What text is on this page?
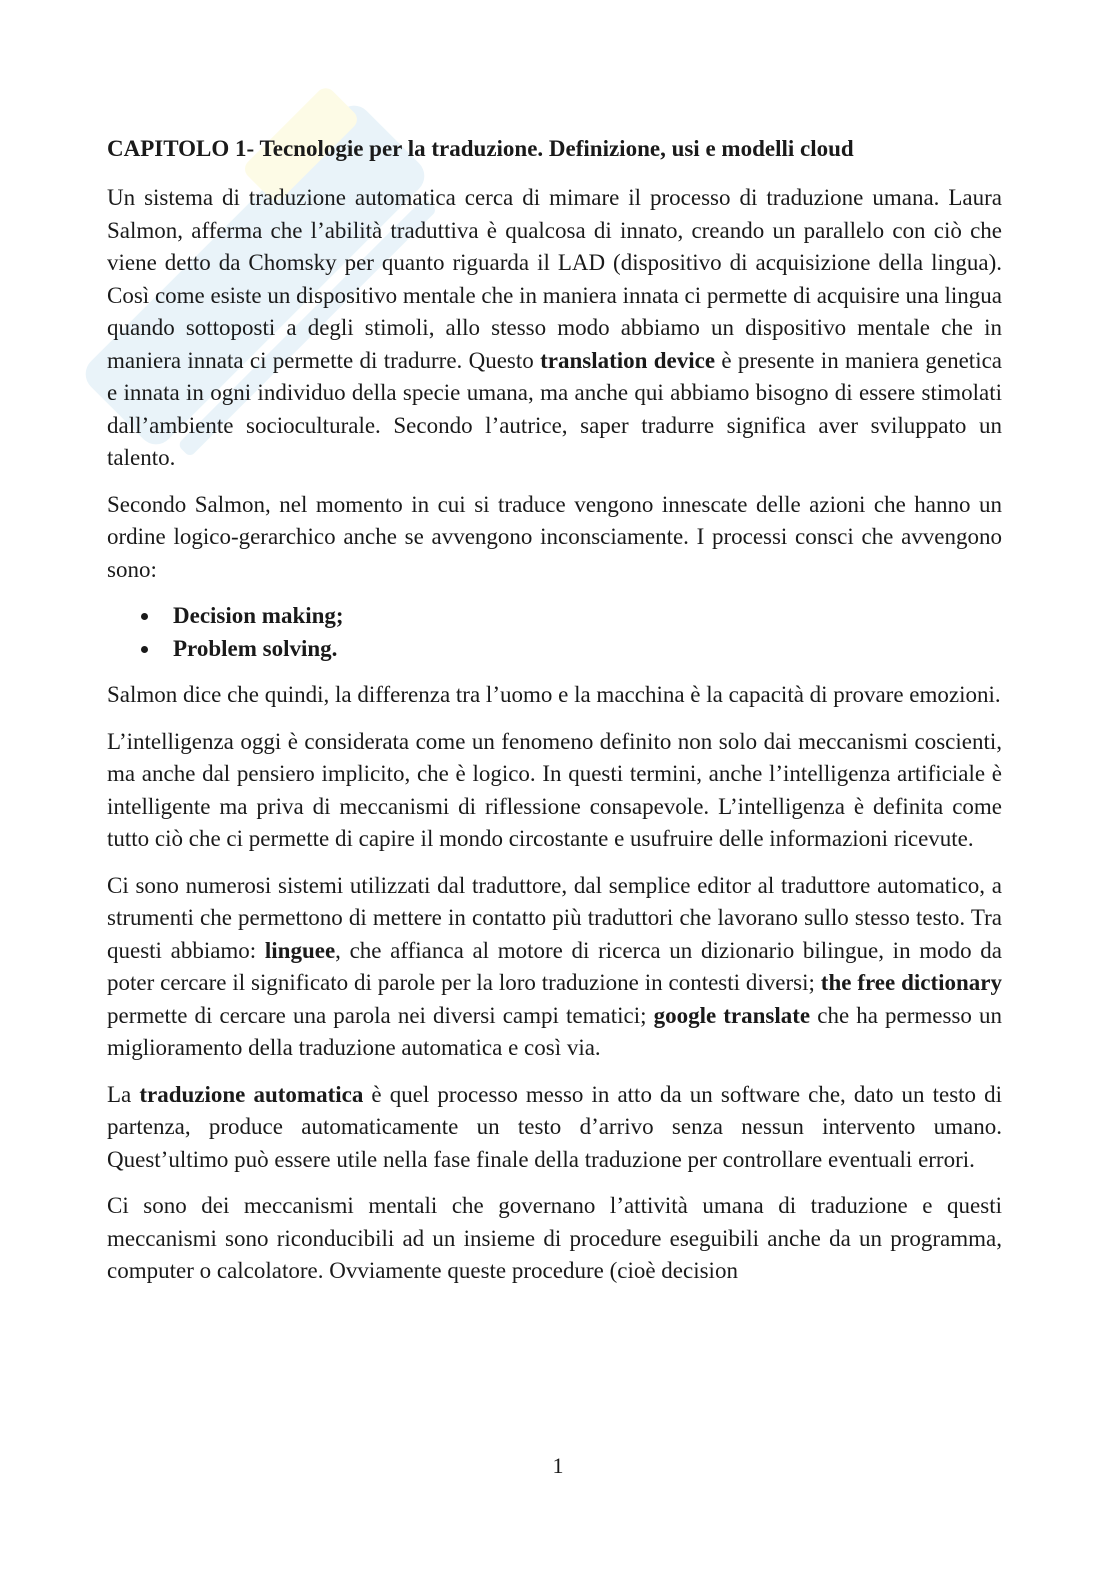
CAPITOLO 1- Tecnologie per la traduzione. Definizione, usi e modelli cloud

Un sistema di traduzione automatica cerca di mimare il processo di traduzione umana. Laura Salmon, afferma che l’abilità traduttiva è qualcosa di innato, creando un parallelo con ciò che viene detto da Chomsky per quanto riguarda il LAD (dispositivo di acquisizione della lingua). Così come esiste un dispositivo mentale che in maniera innata ci permette di acquisire una lingua quando sottoposti a degli stimoli, allo stesso modo abbiamo un dispositivo mentale che in maniera innata ci permette di tradurre. Questo translation device è presente in maniera genetica e innata in ogni individuo della specie umana, ma anche qui abbiamo bisogno di essere stimolati dall’ambiente socioculturale. Secondo l’autrice, saper tradurre significa aver sviluppato un talento.

Secondo Salmon, nel momento in cui si traduce vengono innescate delle azioni che hanno un ordine logico-gerarchico anche se avvengono inconsciamente. I processi consci che avvengono sono:

Decision making;
Problem solving.

Salmon dice che quindi, la differenza tra l’uomo e la macchina è la capacità di provare emozioni.

L’intelligenza oggi è considerata come un fenomeno definito non solo dai meccanismi coscienti, ma anche dal pensiero implicito, che è logico. In questi termini, anche l’intelligenza artificiale è intelligente ma priva di meccanismi di riflessione consapevole. L’intelligenza è definita come tutto ciò che ci permette di capire il mondo circostante e usufruire delle informazioni ricevute.

Ci sono numerosi sistemi utilizzati dal traduttore, dal semplice editor al traduttore automatico, a strumenti che permettono di mettere in contatto più traduttori che lavorano sullo stesso testo. Tra questi abbiamo: linguee, che affianca al motore di ricerca un dizionario bilingue, in modo da poter cercare il significato di parole per la loro traduzione in contesti diversi; the free dictionary permette di cercare una parola nei diversi campi tematici; google translate che ha permesso un miglioramento della traduzione automatica e così via.

La traduzione automatica è quel processo messo in atto da un software che, dato un testo di partenza, produce automaticamente un testo d’arrivo senza nessun intervento umano. Quest’ultimo può essere utile nella fase finale della traduzione per controllare eventuali errori.

Ci sono dei meccanismi mentali che governano l’attività umana di traduzione e questi meccanismi sono riconducibili ad un insieme di procedure eseguibili anche da un programma, computer o calcolatore. Ovviamente queste procedure (cioè decision

1
